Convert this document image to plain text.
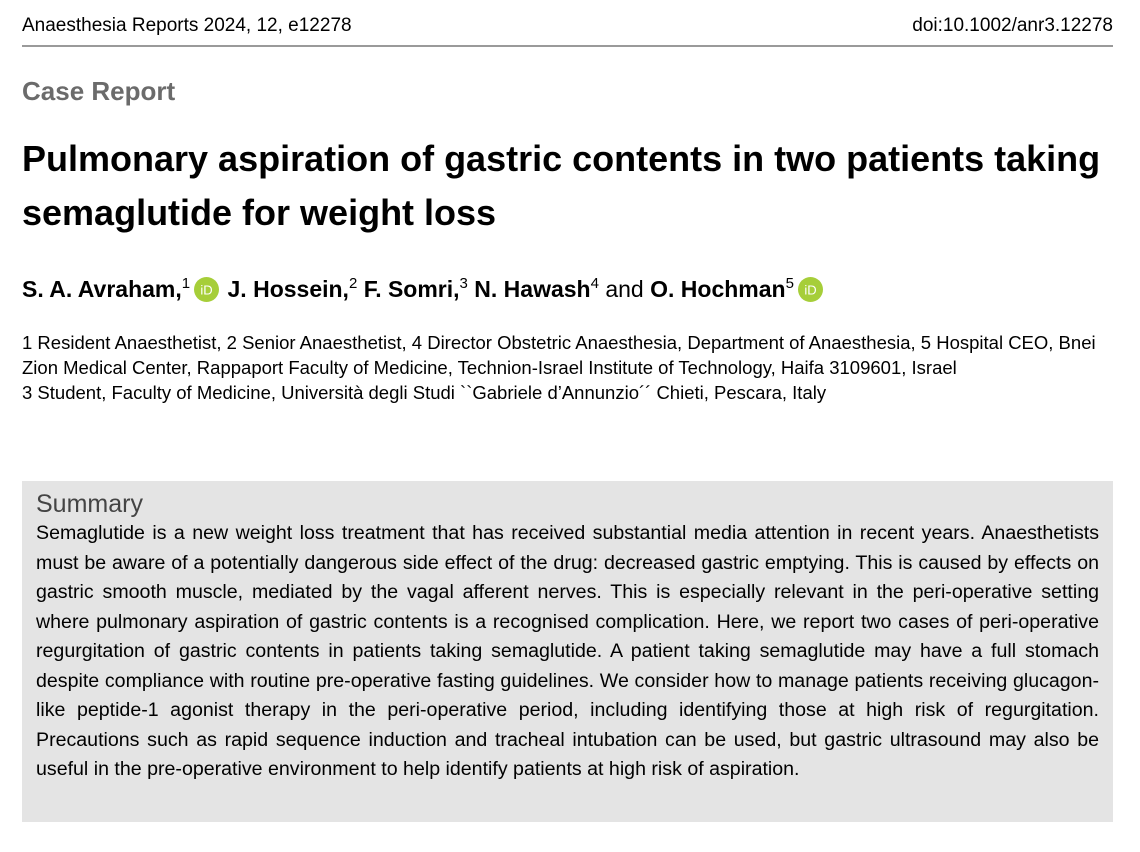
Anaesthesia Reports 2024, 12, e12278	doi:10.1002/anr3.12278
Case Report
Pulmonary aspiration of gastric contents in two patients taking semaglutide for weight loss
S. A. Avraham,$^1$ iD J. Hossein,$^2$ F. Somri,$^3$ N. Hawash$^4$ and O. Hochman$^5$ iD

1 Resident Anaesthetist, 2 Senior Anaesthetist, 4 Director Obstetric Anaesthesia, Department of Anaesthesia, 5 Hospital CEO, Bnei Zion Medical Center, Rappaport Faculty of Medicine, Technion-Israel Institute of Technology, Haifa 3109601, Israel

3 Student, Faculty of Medicine, Università degli Studi ``Gabriele d’Annunzio´´ Chieti, Pescara, Italy

Summary

Semaglutide is a new weight loss treatment that has received substantial media attention in recent years. Anaesthetists must be aware of a potentially dangerous side effect of the drug: decreased gastric emptying. This is caused by effects on gastric smooth muscle, mediated by the vagal afferent nerves. This is especially relevant in the peri-operative setting where pulmonary aspiration of gastric contents is a recognised complication. Here, we report two cases of peri-operative regurgitation of gastric contents in patients taking semaglutide. A patient taking semaglutide may have a full stomach despite compliance with routine pre-operative fasting guidelines. We consider how to manage patients receiving glucagon-like peptide-1 agonist therapy in the peri-operative period, including identifying those at high risk of regurgitation. Precautions such as rapid sequence induction and tracheal intubation can be used, but gastric ultrasound may also be useful in the pre-operative environment to help identify patients at high risk of aspiration.
